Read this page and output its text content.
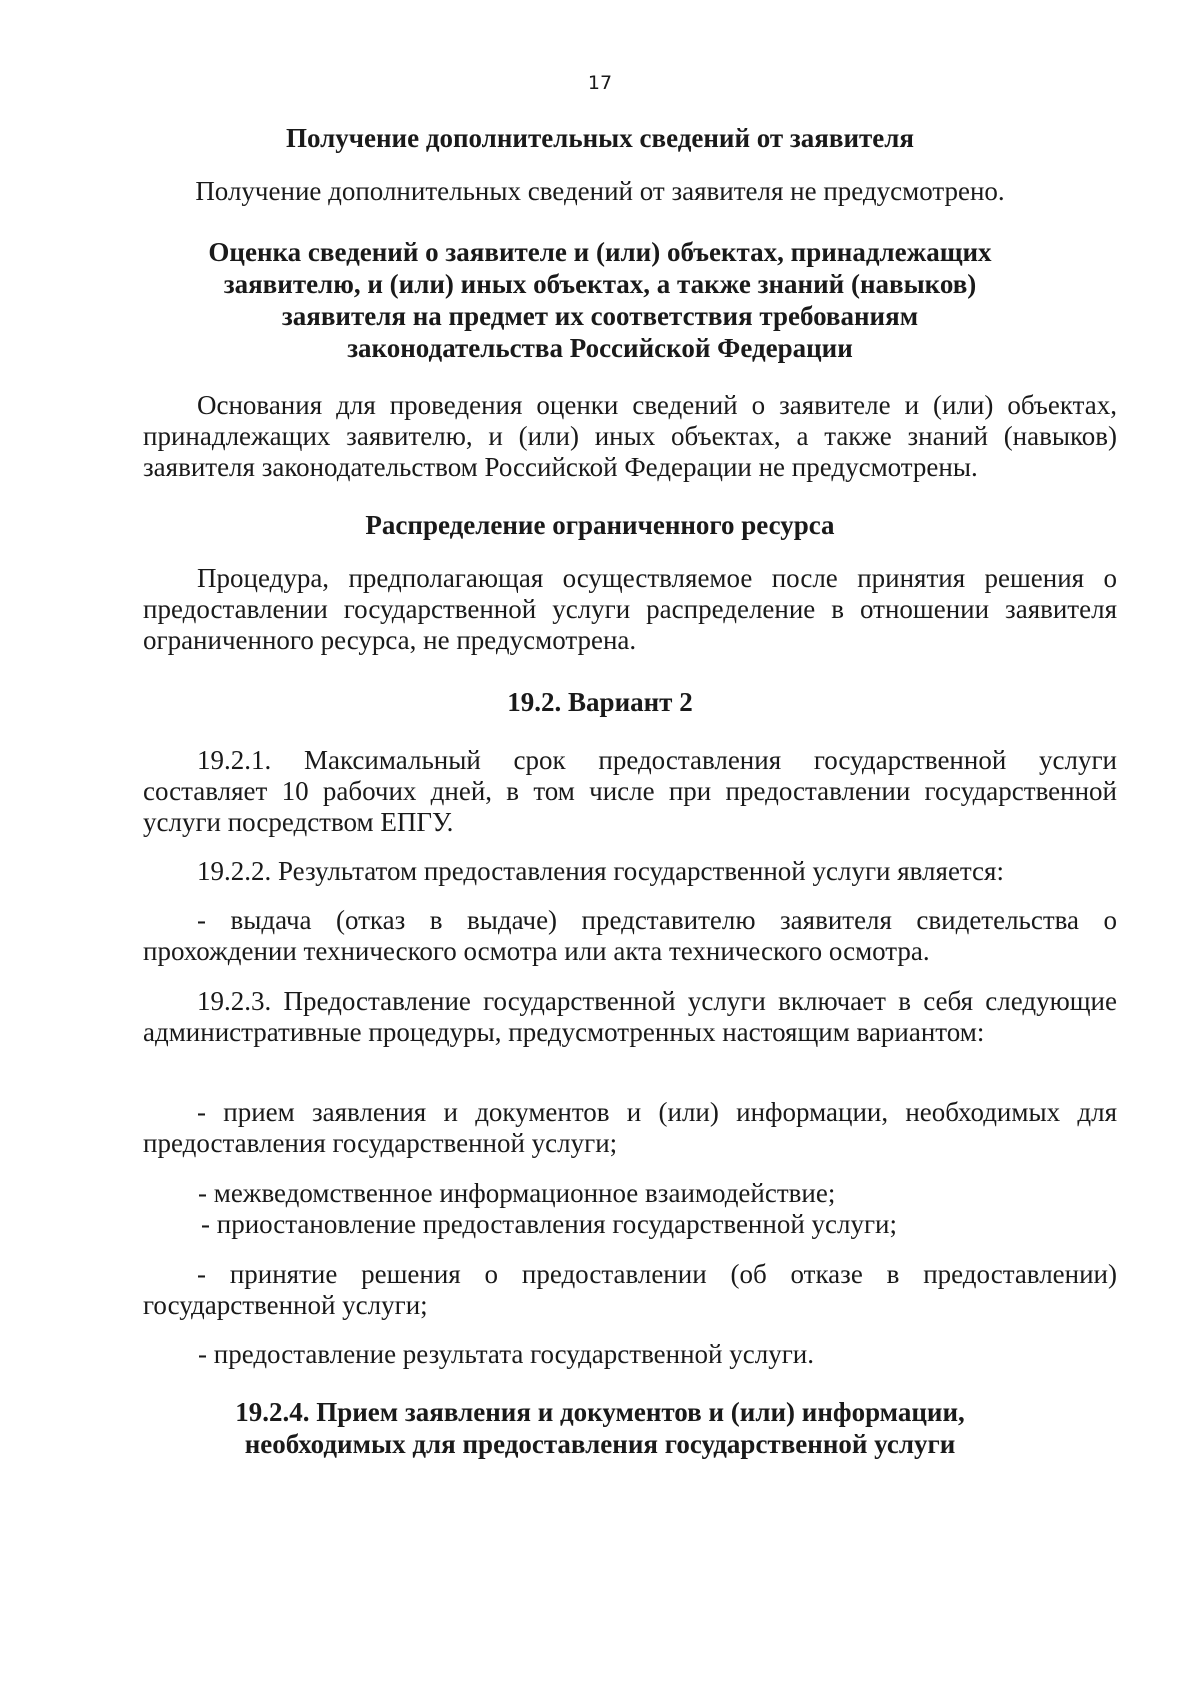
17
Получение дополнительных сведений от заявителя
Получение дополнительных сведений от заявителя не предусмотрено.
Оценка сведений о заявителе и (или) объектах, принадлежащих
заявителю, и (или) иных объектах, а также знаний (навыков)
заявителя на предмет их соответствия требованиям
законодательства Российской Федерации
Основания для проведения оценки сведений о заявителе и (или) объектах, принадлежащих заявителю, и (или) иных объектах, а также знаний (навыков) заявителя законодательством Российской Федерации не предусмотрены.
Распределение ограниченного ресурса
Процедура, предполагающая осуществляемое после принятия решения о предоставлении государственной услуги распределение в отношении заявителя ограниченного ресурса, не предусмотрена.
19.2. Вариант 2
19.2.1. Максимальный срок предоставления государственной услуги составляет 10 рабочих дней, в том числе при предоставлении государственной услуги посредством ЕПГУ.
19.2.2. Результатом предоставления государственной услуги является:
- выдача (отказ в выдаче) представителю заявителя свидетельства о прохождении технического осмотра или акта технического осмотра.
19.2.3. Предоставление государственной услуги включает в себя следующие административные процедуры, предусмотренных настоящим вариантом:
- прием заявления и документов и (или) информации, необходимых для предоставления государственной услуги;
- межведомственное информационное взаимодействие;
- приостановление предоставления государственной услуги;
- принятие решения о предоставлении (об отказе в предоставлении) государственной услуги;
- предоставление результата государственной услуги.
19.2.4. Прием заявления и документов и (или) информации,
необходимых для предоставления государственной услуги
